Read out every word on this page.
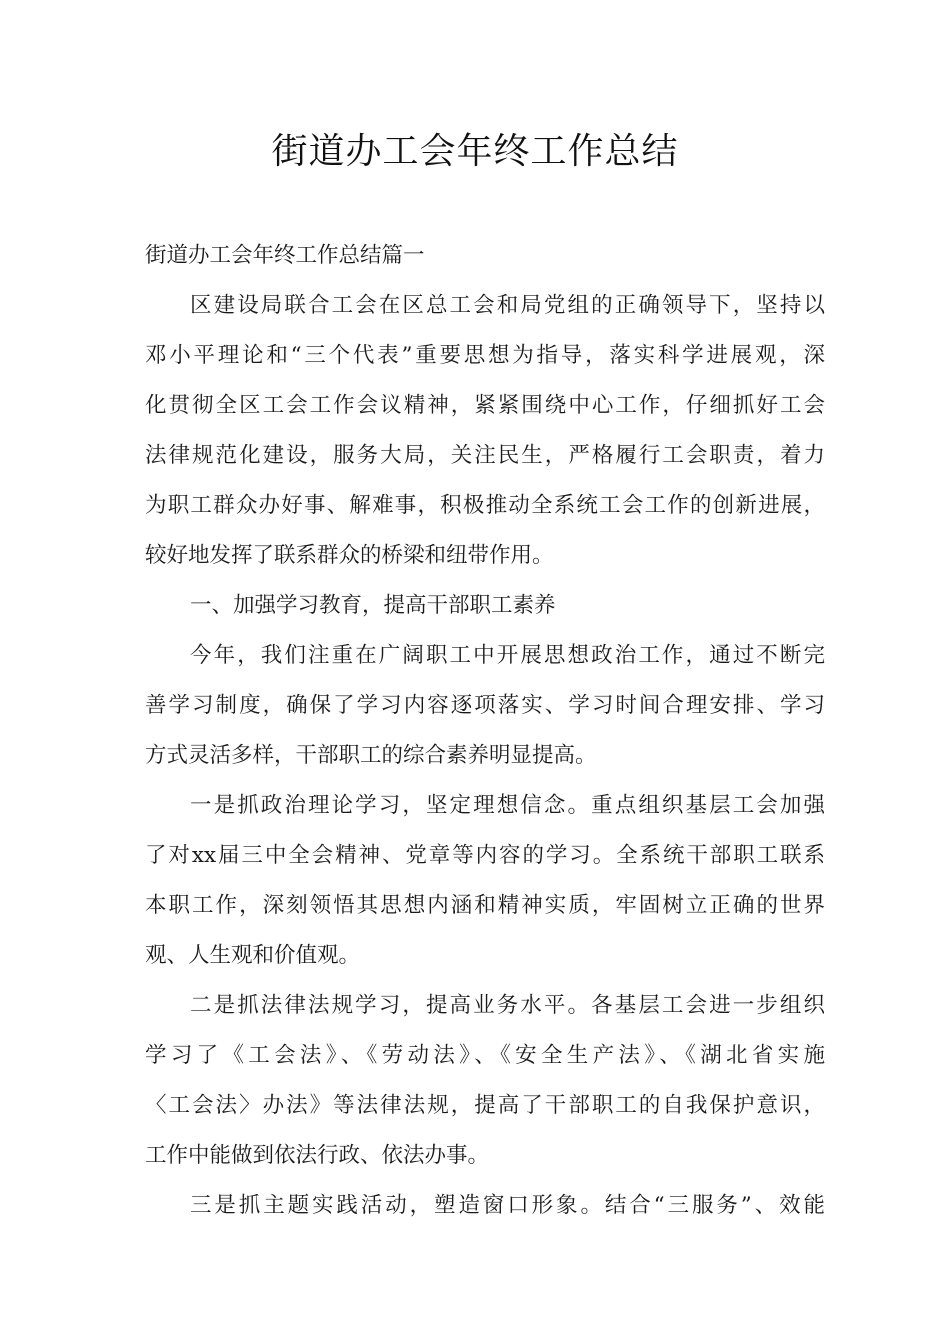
街道办工会年终工作总结
街道办工会年终工作总结篇一
区建设局联合工会在区总工会和局党组的正确领导下，坚持以
邓小平理论和“三个代表”重要思想为指导，落实科学进展观，深
化贯彻全区工会工作会议精神，紧紧围绕中心工作，仔细抓好工会
法律规范化建设，服务大局，关注民生，严格履行工会职责，着力
为职工群众办好事、解难事，积极推动全系统工会工作的创新进展，
较好地发挥了联系群众的桥梁和纽带作用。
一、加强学习教育，提高干部职工素养
今年，我们注重在广阔职工中开展思想政治工作，通过不断完
善学习制度，确保了学习内容逐项落实、学习时间合理安排、学习
方式灵活多样，干部职工的综合素养明显提高。
一是抓政治理论学习，坚定理想信念。重点组织基层工会加强
了对xx届三中全会精神、党章等内容的学习。全系统干部职工联系
本职工作，深刻领悟其思想内涵和精神实质，牢固树立正确的世界
观、人生观和价值观。
二是抓法律法规学习，提高业务水平。各基层工会进一步组织
学习了《工会法》、《劳动法》、《安全生产法》、《湖北省实施
〈工会法〉办法》等法律法规，提高了干部职工的自我保护意识，
工作中能做到依法行政、依法办事。
三是抓主题实践活动，塑造窗口形象。结合“三服务”、效能
